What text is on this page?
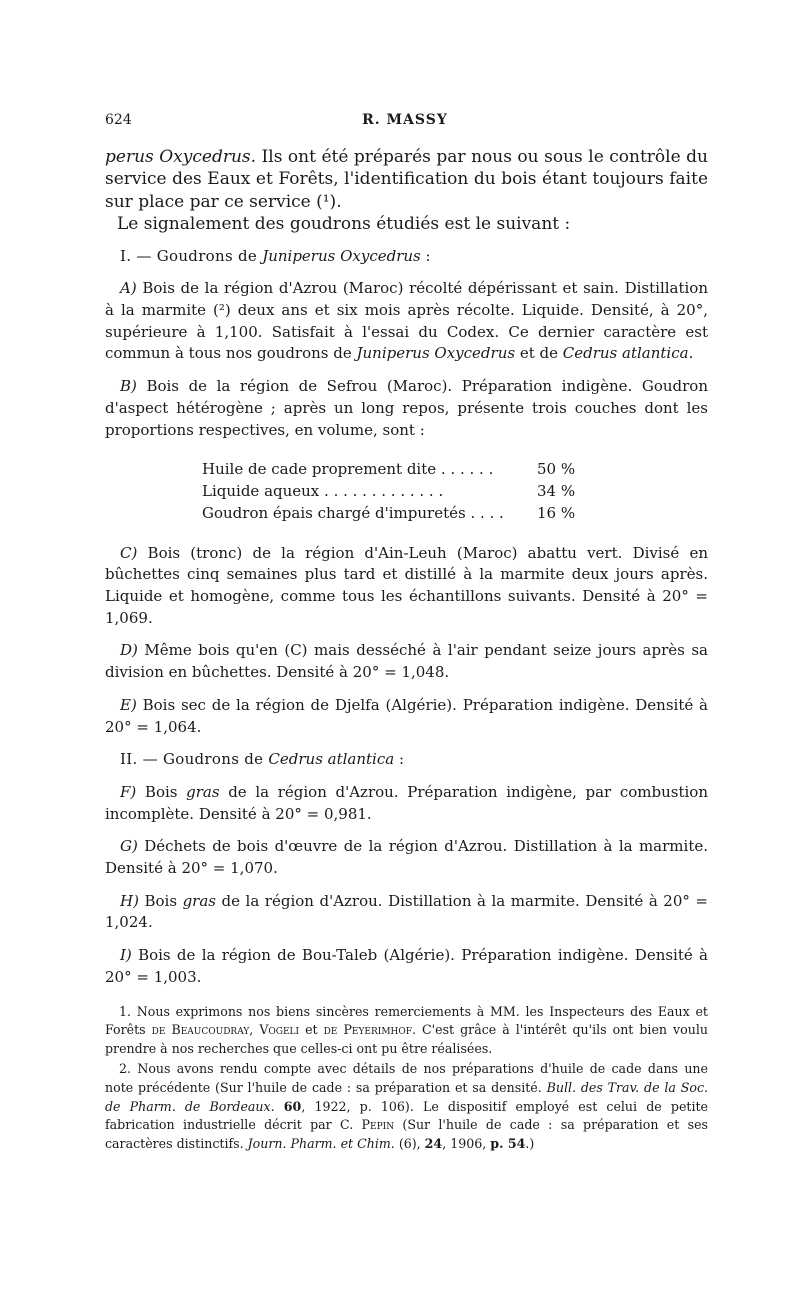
624	R. MASSY

perus Oxycedrus. Ils ont été préparés par nous ou sous le contrôle du service des Eaux et Forêts, l'identification du bois étant toujours faite sur place par ce service (¹).

Le signalement des goudrons étudiés est le suivant :

I. — Goudrons de Juniperus Oxycedrus :

A) Bois de la région d'Azrou (Maroc) récolté dépérissant et sain. Distillation à la marmite (²) deux ans et six mois après récolte. Liquide. Densité, à 20°, supérieure à 1,100. Satisfait à l'essai du Codex. Ce dernier caractère est commun à tous nos goudrons de Juniperus Oxycedrus et de Cedrus atlantica.

B) Bois de la région de Sefrou (Maroc). Préparation indigène. Goudron d'aspect hétérogène ; après un long repos, présente trois couches dont les proportions respectives, en volume, sont :

Huile de cade proprement dite . . . . . .	50 %
Liquide aqueux . . . . . . . . . . . . .	34 %
Goudron épais chargé d'impuretés . . . .	16 %

C) Bois (tronc) de la région d'Ain-Leuh (Maroc) abattu vert. Divisé en bûchettes cinq semaines plus tard et distillé à la marmite deux jours après. Liquide et homogène, comme tous les échantillons suivants. Densité à 20° = 1,069.

D) Même bois qu'en (C) mais desséché à l'air pendant seize jours après sa division en bûchettes. Densité à 20° = 1,048.

E) Bois sec de la région de Djelfa (Algérie). Préparation indigène. Densité à 20° = 1,064.

II. — Goudrons de Cedrus atlantica :

F) Bois gras de la région d'Azrou. Préparation indigène, par combustion incomplète. Densité à 20° = 0,981.

G) Déchets de bois d'œuvre de la région d'Azrou. Distillation à la marmite. Densité à 20° = 1,070.

H) Bois gras de la région d'Azrou. Distillation à la marmite. Densité à 20° = 1,024.

I) Bois de la région de Bou-Taleb (Algérie). Préparation indigène. Densité à 20° = 1,003.

1. Nous exprimons nos biens sincères remerciements à MM. les Inspecteurs des Eaux et Forêts de Beaucoudray, Vogeli et de Peyerimhof. C'est grâce à l'intérêt qu'ils ont bien voulu prendre à nos recherches que celles-ci ont pu être réalisées.

2. Nous avons rendu compte avec détails de nos préparations d'huile de cade dans une note précédente (Sur l'huile de cade : sa préparation et sa densité. Bull. des Trav. de la Soc. de Pharm. de Bordeaux. 60, 1922, p. 106). Le dispositif employé est celui de petite fabrication industrielle décrit par C. Pepin (Sur l'huile de cade : sa préparation et ses caractères distinctifs. Journ. Pharm. et Chim. (6), 24, 1906, p. 54.)
